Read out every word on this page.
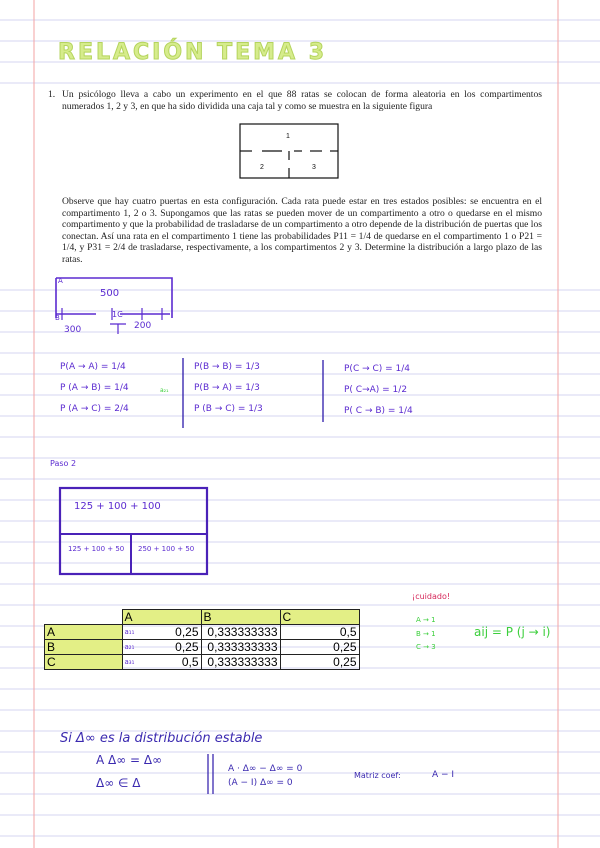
RELACIÓN TEMA 3
1. Un psicólogo lleva a cabo un experimento en el que 88 ratas se colocan de forma aleatoria en los compartimentos numerados 1, 2 y 3, en que ha sido dividida una caja tal y como se muestra en la siguiente figura
1
2	3
Observe que hay cuatro puertas en esta configuración. Cada rata puede estar en tres estados posibles: se encuentra en el compartimento 1, 2 o 3. Supongamos que las ratas se pueden mover de un compartimento a otro o quedarse en el mismo compartimento y que la probabilidad de trasladarse de un compartimento a otro depende de la distribución de puertas que los conectan. Así una rata en el compartimento 1 tiene las probabilidades P11 = 1/4 de quedarse en el compartimento 1 o P21 = 1/4, y P31 = 2/4 de trasladarse, respectivamente, a los compartimentos 2 y 3. Determine la distribución a largo plazo de las ratas.
A
500
B	1C
300	200
P(A → A) = 1/4
P (A → B) = 1/4	a₂₁
P (A → C) = 2/4
P(B → B) = 1/3
P(B → A) = 1/3
P (B → C) = 1/3
P(C → C) = 1/4
P( C→A) = 1/2
P( C → B) = 1/4
Paso 2
125 + 100 + 100
125 + 100 + 50 250 + 100 + 50
	A	B	C
A	a₁₁ 0,25	0,333333333	0,5
B	a₂₁ 0,25	0,333333333	0,25
C	a₃₁ 0,5	0,333333333	0,25
¡cuidado!
A → 1
B → 1
C → 3
aij = P (j → i)
Si Δ∞ es la distribución estable
A Δ∞ = Δ∞
Δ∞ ∈ Δ
A · Δ∞ − Δ∞ = 0
(A − I) Δ∞ = 0
Matriz coef:	A − I
